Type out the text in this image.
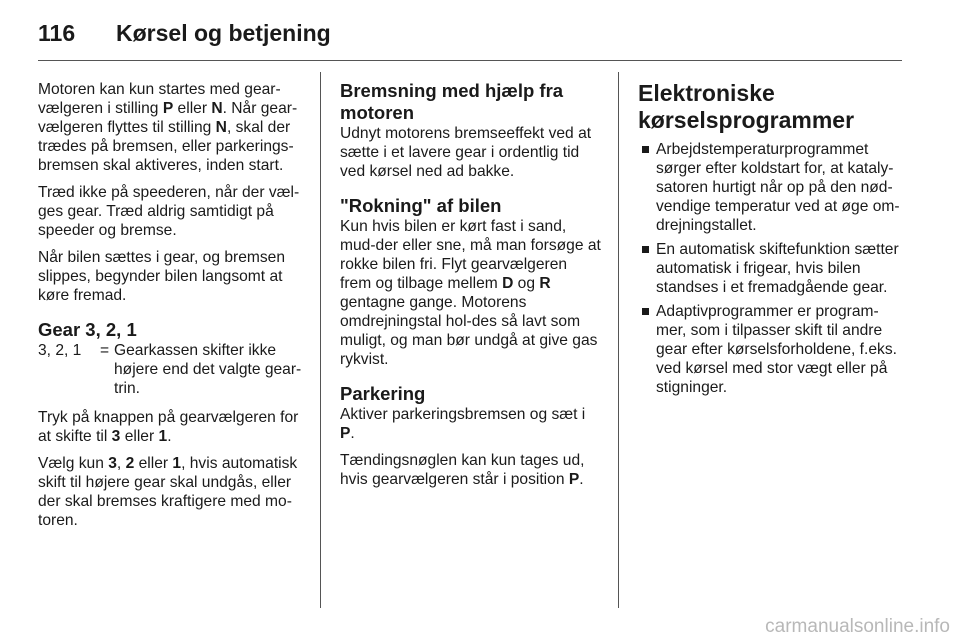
116 Kørsel og betjening

Motoren kan kun startes med gear-vælgeren i stilling P eller N. Når gear-vælgeren flyttes til stilling N, skal der trædes på bremsen, eller parkerings-bremsen skal aktiveres, inden start.

Træd ikke på speederen, når der væl-ges gear. Træd aldrig samtidigt på speeder og bremse.

Når bilen sættes i gear, og bremsen slippes, begynder bilen langsomt at køre fremad.

Gear 3, 2, 1
3, 2, 1	= Gearkassen skifter ikke højere end det valgte gear-trin.

Tryk på knappen på gearvælgeren for at skifte til 3 eller 1.

Vælg kun 3, 2 eller 1, hvis automatisk skift til højere gear skal undgås, eller der skal bremses kraftigere med mo-toren.

Bremsning med hjælp fra motoren

Udnyt motorens bremseeffekt ved at sætte i et lavere gear i ordentlig tid ved kørsel ned ad bakke.

"Rokning" af bilen

Kun hvis bilen er kørt fast i sand, mud-der eller sne, må man forsøge at rokke bilen fri. Flyt gearvælgeren frem og tilbage mellem D og R gentagne gange. Motorens omdrejningstal hol-des så lavt som muligt, og man bør undgå at give gas rykvist.

Parkering

Aktiver parkeringsbremsen og sæt i P.

Tændingsnøglen kan kun tages ud, hvis gearvælgeren står i position P.

Elektroniske kørselsprogrammer
Arbejdstemperaturprogrammet sørger efter koldstart for, at kataly-satoren hurtigt når op på den nød-vendige temperatur ved at øge om-drejningstallet.
En automatisk skiftefunktion sætter automatisk i frigear, hvis bilen standses i et fremadgående gear.
Adaptivprogrammer er program-mer, som i tilpasser skift til andre gear efter kørselsforholdene, f.eks. ved kørsel med stor vægt eller på stigninger.
carmanualsonline.info
